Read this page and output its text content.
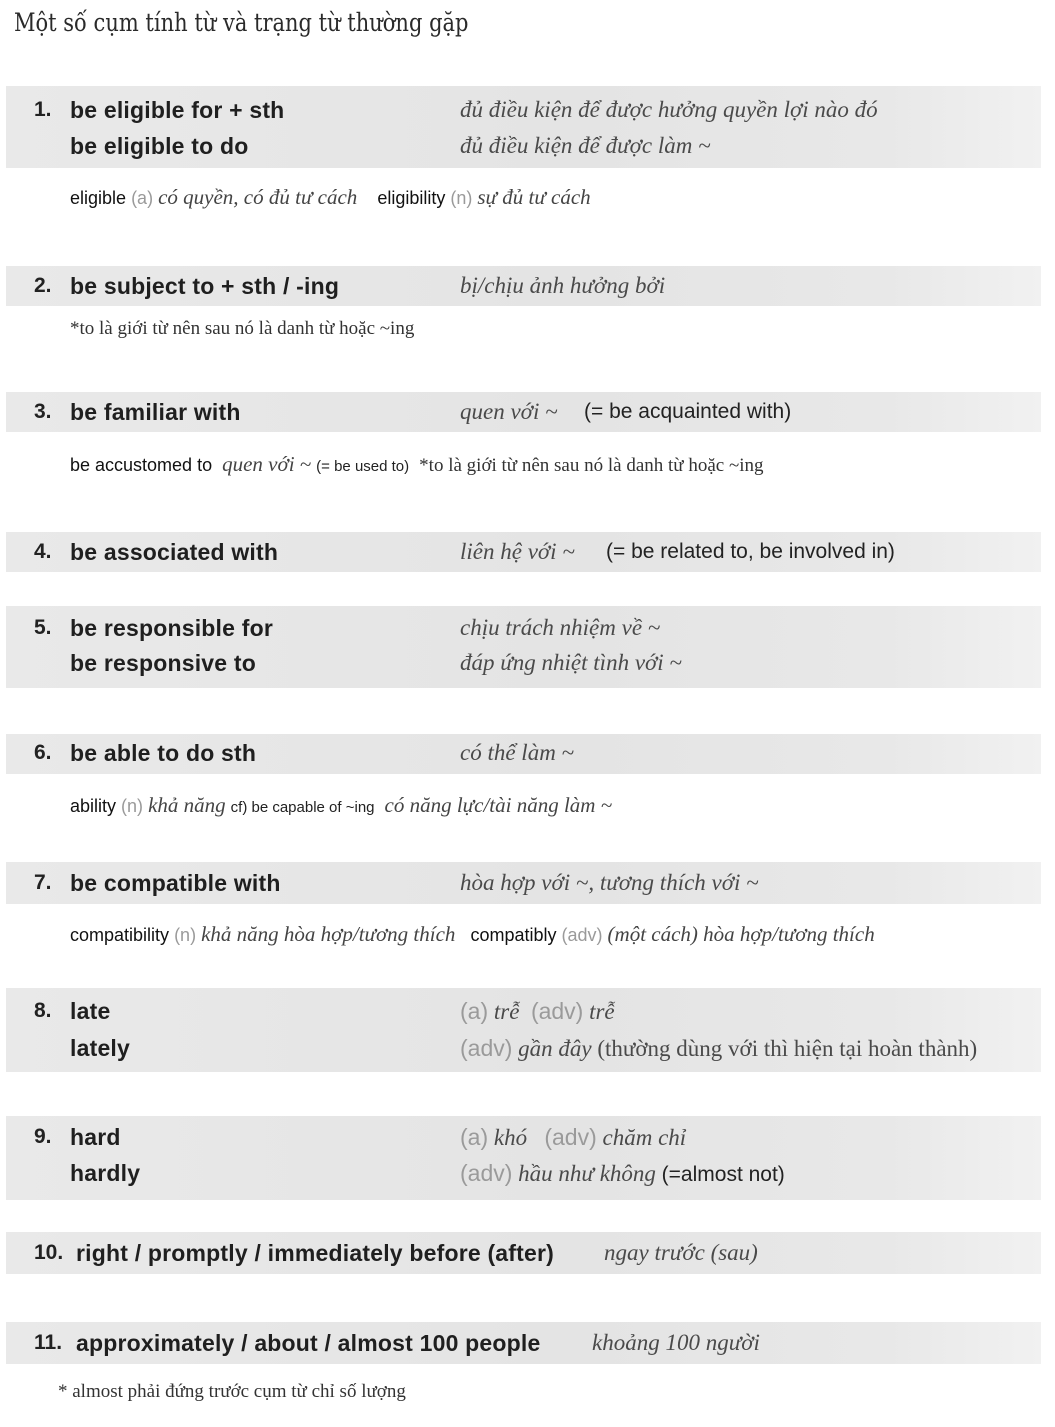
Một số cụm tính từ và trạng từ thường gặp
1. be eligible for + sth	đủ điều kiện để được hưởng quyền lợi nào đó
be eligible to do	đủ điều kiện để được làm ~
eligible (a) có quyền, có đủ tư cách eligibility (n) sự đủ tư cách
2. be subject to + sth / -ing	bị/chịu ảnh hưởng bởi
*to là giới từ nên sau nó là danh từ hoặc ~ing
3. be familiar with	quen với ~ (= be acquainted with)
be accustomed to quen với ~ (= be used to) *to là giới từ nên sau nó là danh từ hoặc ~ing
4. be associated with	liên hệ với ~ (= be related to, be involved in)
5. be responsible for	chịu trách nhiệm về ~
be responsive to	đáp ứng nhiệt tình với ~
6. be able to do sth	có thể làm ~
ability (n) khả năng cf) be capable of ~ing có năng lực/tài năng làm ~
7. be compatible with	hòa hợp với ~, tương thích với ~
compatibility (n) khả năng hòa hợp/tương thích compatibly (adv) (một cách) hòa hợp/tương thích
8. late	(a) trễ (adv) trễ
lately	(adv) gần đây (thường dùng với thì hiện tại hoàn thành)
9. hard	(a) khó (adv) chăm chỉ
hardly	(adv) hầu như không (=almost not)
10. right / promptly / immediately before (after) ngay trước (sau)
11. approximately / about / almost 100 people khoảng 100 người
* almost phải đứng trước cụm từ chỉ số lượng
